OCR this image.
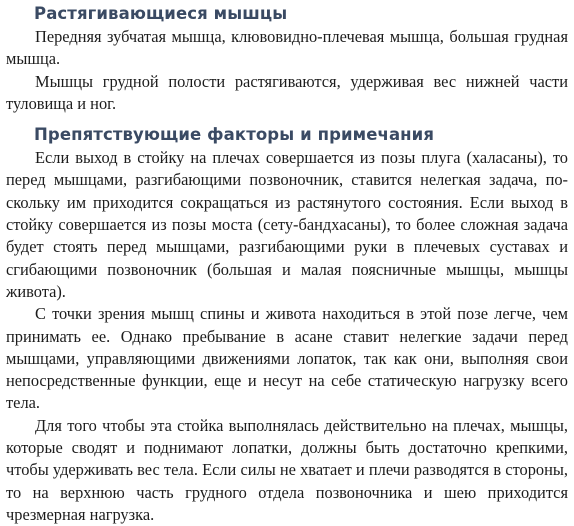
Растягивающиеся мышцы

Передняя зубчатая мышца, клювовидно-плечевая мышца, большая грудная мышца.

Мышцы грудной полости растягиваются, удерживая вес нижней части туловища и ног.

Препятствующие факторы и примечания

Если выход в стойку на плечах совершается из позы плуга (халасаны), то перед мышцами, разгибающими позвоночник, ставится нелегкая задача, поскольку им приходится сокращаться из растянутого состояния. Если выход в стойку совершается из позы моста (сету-бандхасаны), то более сложная задача будет стоять перед мышцами, разгибающими руки в плечевых суставах и сгибающими позвоночник (большая и малая поясничные мышцы, мышцы живота).

С точки зрения мышц спины и живота находиться в этой позе легче, чем принимать ее. Однако пребывание в асане ставит нелегкие задачи перед мышцами, управляющими движениями лопаток, так как они, выполняя свои непосредственные функции, еще и несут на себе статическую нагрузку всего тела.

Для того чтобы эта стойка выполнялась действительно на плечах, мышцы, которые сводят и поднимают лопатки, должны быть достаточно крепкими, чтобы удерживать вес тела. Если силы не хватает и плечи разводятся в стороны, то на верхнюю часть грудного отдела позвоночника и шею приходится чрезмерная нагрузка.
